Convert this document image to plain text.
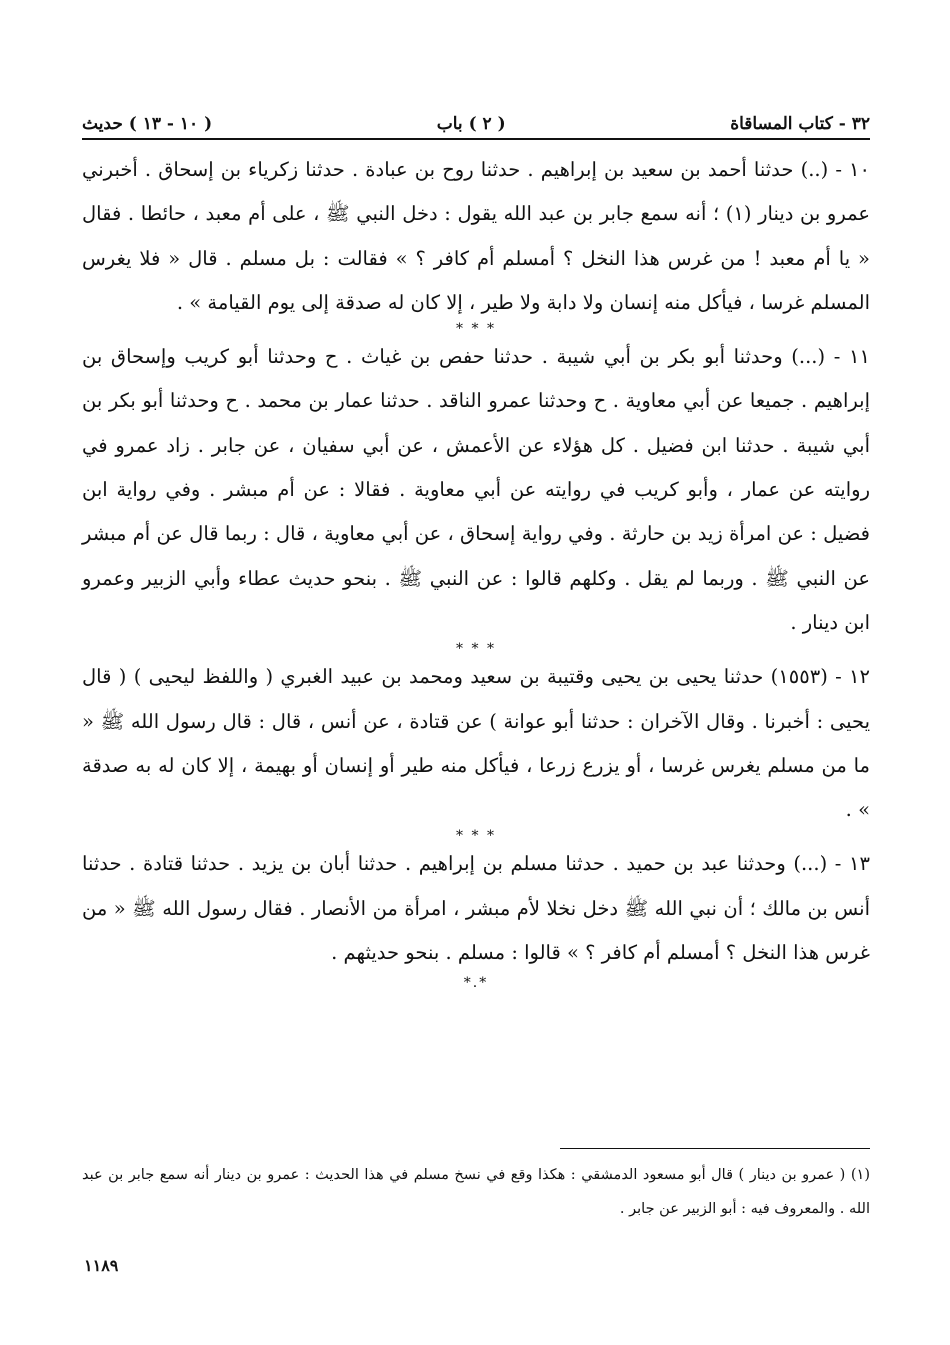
٣٢ - كتاب المساقاة
( ٢ ) باب
( ١٠ - ١٣ ) حديث

١٠ - (..) حدثنا أحمد بن سعيد بن إبراهيم . حدثنا روح بن عبادة . حدثنا زكرياء بن إسحاق . أخبرني عمرو بن دينار (١) ؛ أنه سمع جابر بن عبد الله يقول : دخل النبي ﷺ ، على أم معبد ، حائطا . فقال « يا أم معبد ! من غرس هذا النخل ؟ أمسلم أم كافر ؟ » فقالت : بل مسلم . قال « فلا يغرس المسلم غرسا ، فيأكل منه إنسان ولا دابة ولا طير ، إلا كان له صدقة إلى يوم القيامة » .

* * *

١١ - (...) وحدثنا أبو بكر بن أبي شيبة . حدثنا حفص بن غياث . ح وحدثنا أبو كريب وإسحاق بن إبراهيم . جميعا عن أبي معاوية . ح وحدثنا عمرو الناقد . حدثنا عمار بن محمد . ح وحدثنا أبو بكر بن أبي شيبة . حدثنا ابن فضيل . كل هؤلاء عن الأعمش ، عن أبي سفيان ، عن جابر . زاد عمرو في روايته عن عمار ، وأبو كريب في روايته عن أبي معاوية . فقالا : عن أم مبشر . وفي رواية ابن فضيل : عن امرأة زيد بن حارثة . وفي رواية إسحاق ، عن أبي معاوية ، قال : ربما قال عن أم مبشر عن النبي ﷺ . وربما لم يقل . وكلهم قالوا : عن النبي ﷺ . بنحو حديث عطاء وأبي الزبير وعمرو ابن دينار .

* * *

١٢ - (١٥٥٣) حدثنا يحيى بن يحيى وقتيبة بن سعيد ومحمد بن عبيد الغبري ( واللفظ ليحيى ) ( قال يحيى : أخبرنا . وقال الآخران : حدثنا أبو عوانة ) عن قتادة ، عن أنس ، قال : قال رسول الله ﷺ « ما من مسلم يغرس غرسا ، أو يزرع زرعا ، فيأكل منه طير أو إنسان أو بهيمة ، إلا كان له به صدقة » .

* * *

١٣ - (...) وحدثنا عبد بن حميد . حدثنا مسلم بن إبراهيم . حدثنا أبان بن يزيد . حدثنا قتادة . حدثنا أنس بن مالك ؛ أن نبي الله ﷺ دخل نخلا لأم مبشر ، امرأة من الأنصار . فقال رسول الله ﷺ « من غرس هذا النخل ؟ أمسلم أم كافر ؟ » قالوا : مسلم . بنحو حديثهم .

*.*

(١) ( عمرو بن دينار ) قال أبو مسعود الدمشقي : هكذا وقع في نسخ مسلم في هذا الحديث : عمرو بن دينار أنه سمع جابر بن عبد الله . والمعروف فيه : أبو الزبير عن جابر .

١١٨٩
